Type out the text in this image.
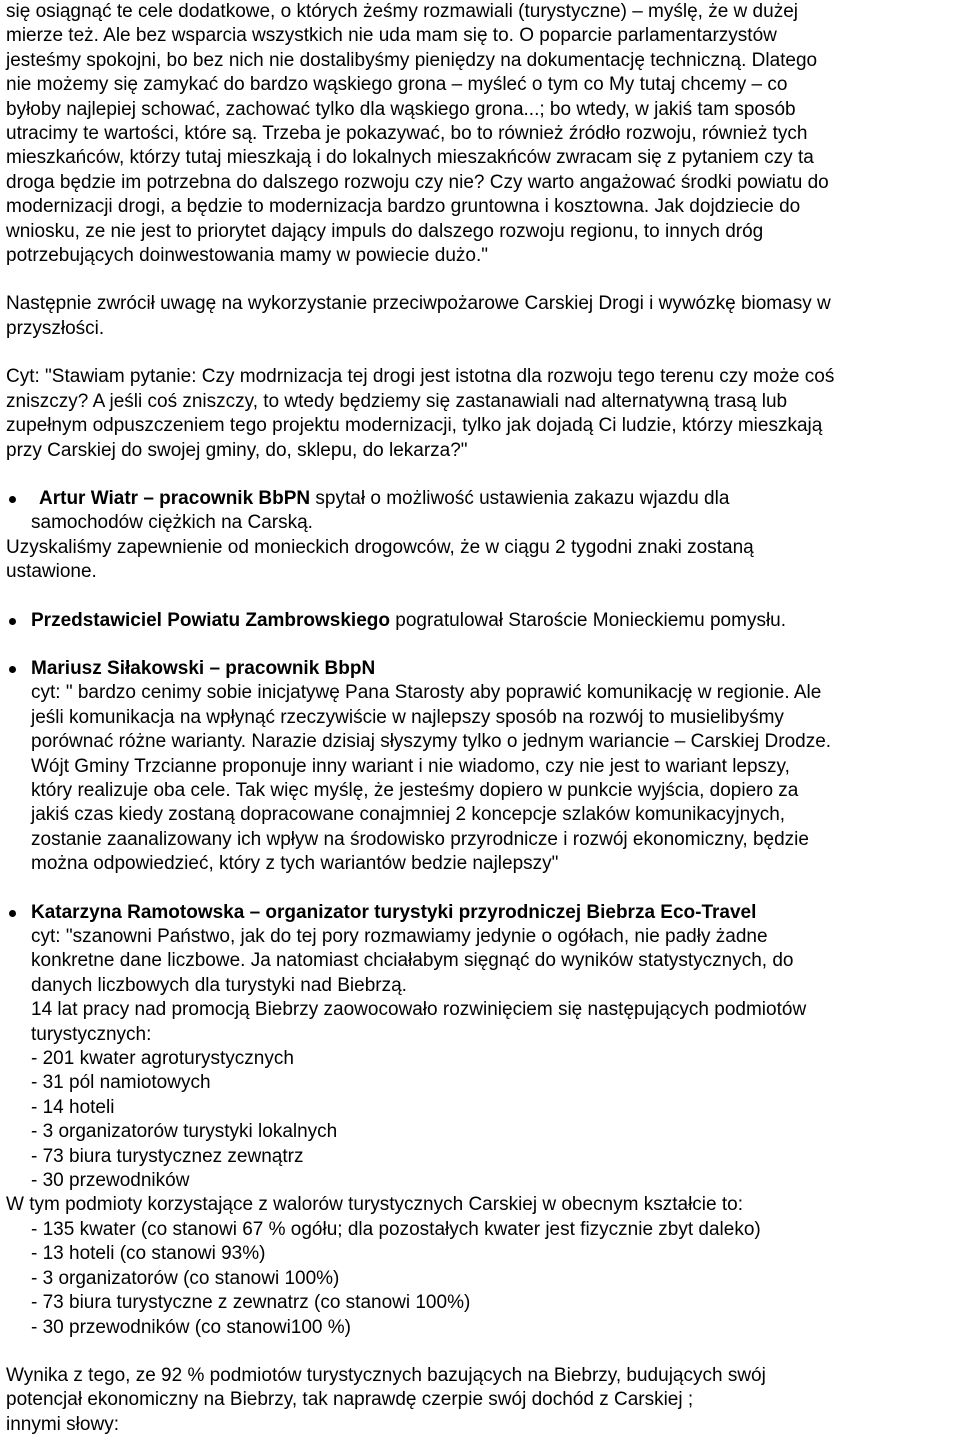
się osiągnąć te cele dodatkowe, o których żeśmy rozmawiali (turystyczne) – myślę, że w dużej
mierze też. Ale bez wsparcia wszystkich nie uda mam się to. O poparcie parlamentarzystów
jesteśmy spokojni, bo bez nich nie dostalibyśmy pieniędzy na dokumentację techniczną. Dlatego
nie możemy się zamykać do bardzo wąskiego grona – myśleć o tym co My tutaj chcemy – co
byłoby najlepiej schować, zachować tylko dla wąskiego grona...; bo wtedy, w jakiś tam sposób
utracimy te wartości, które są. Trzeba je pokazywać, bo to również źródło rozwoju, również tych
mieszkańców, którzy tutaj mieszkają i do lokalnych mieszakńców zwracam się z pytaniem czy ta
droga będzie im potrzebna do dalszego rozwoju czy nie? Czy warto angażować środki powiatu do
modernizacji drogi, a będzie to modernizacja bardzo gruntowna i kosztowna. Jak dojdziecie do
wniosku, ze nie jest to priorytet dający impuls do dalszego rozwoju regionu, to innych dróg
potrzebujących doinwestowania mamy w powiecie dużo."

Następnie zwrócił uwagę na wykorzystanie przeciwpożarowe Carskiej Drogi i wywózkę biomasy w
przyszłości.

Cyt: "Stawiam pytanie: Czy modrnizacja tej drogi jest istotna dla rozwoju tego terenu czy może coś
zniszczy? A jeśli coś zniszczy, to wtedy będziemy się zastanawiali nad alternatywną trasą lub
zupełnym odpuszczeniem tego projektu modernizacji, tylko jak dojadą Ci ludzie, którzy mieszkają
przy Carskiej do swojej gminy, do, sklepu, do lekarza?"

Artur Wiatr – pracownik BbPN spytał o możliwość ustawienia zakazu wjazdu dla
samochodów ciężkich na Carską.

Uzyskaliśmy zapewnienie od monieckich drogowców, że w ciągu 2 tygodni znaki zostaną
ustawione.

Przedstawiciel Powiatu Zambrowskiego pogratulował Staroście Monieckiemu pomysłu.
Mariusz Siłakowski – pracownik BbpN
cyt: " bardzo cenimy sobie inicjatywę Pana Starosty aby poprawić komunikację w regionie. Ale
jeśli komunikacja na wpłynąć rzeczywiście w najlepszy sposób na rozwój to musielibyśmy
porównać różne warianty. Narazie dzisiaj słyszymy tylko o jednym wariancie – Carskiej Drodze.
Wójt Gminy Trzcianne proponuje inny wariant i nie wiadomo, czy nie jest to wariant lepszy,
który realizuje oba cele. Tak więc myślę, że jesteśmy dopiero w punkcie wyjścia, dopiero za
jakiś czas kiedy zostaną dopracowane conajmniej 2 koncepcje szlaków komunikacyjnych,
zostanie zaanalizowany ich wpływ na środowisko przyrodnicze i rozwój ekonomiczny, będzie
można odpowiedzieć, który z tych wariantów bedzie najlepszy"
Katarzyna Ramotowska – organizator turystyki przyrodniczej Biebrza Eco-Travel
cyt: "szanowni Państwo, jak do tej pory rozmawiamy jedynie o ogółach, nie padły żadne
konkretne dane liczbowe. Ja natomiast chciałabym sięgnąć do wyników statystycznych, do
danych liczbowych dla turystyki nad Biebrzą.
14 lat pracy nad promocją Biebrzy zaowocowało rozwinięciem się następujących podmiotów
turystycznych:
- 201 kwater agroturystycznych
- 31 pól namiotowych
- 14 hoteli
- 3 organizatorów turystyki lokalnych
- 73 biura turystycznez zewnątrz
- 30 przewodników

W tym podmioty korzystające z walorów turystycznych Carskiej w obecnym kształcie to:

- 135 kwater (co stanowi 67 % ogółu; dla pozostałych kwater jest fizycznie zbyt daleko)
- 13 hoteli (co stanowi 93%)
- 3 organizatorów (co stanowi 100%)
- 73 biura turystyczne z zewnatrz (co stanowi 100%)
- 30 przewodników (co stanowi100 %)

Wynika z tego, ze 92 % podmiotów turystycznych bazujących na Biebrzy, budujących swój
potencjał ekonomiczny na Biebrzy, tak naprawdę czerpie swój dochód z Carskiej ;
innymi słowy:
